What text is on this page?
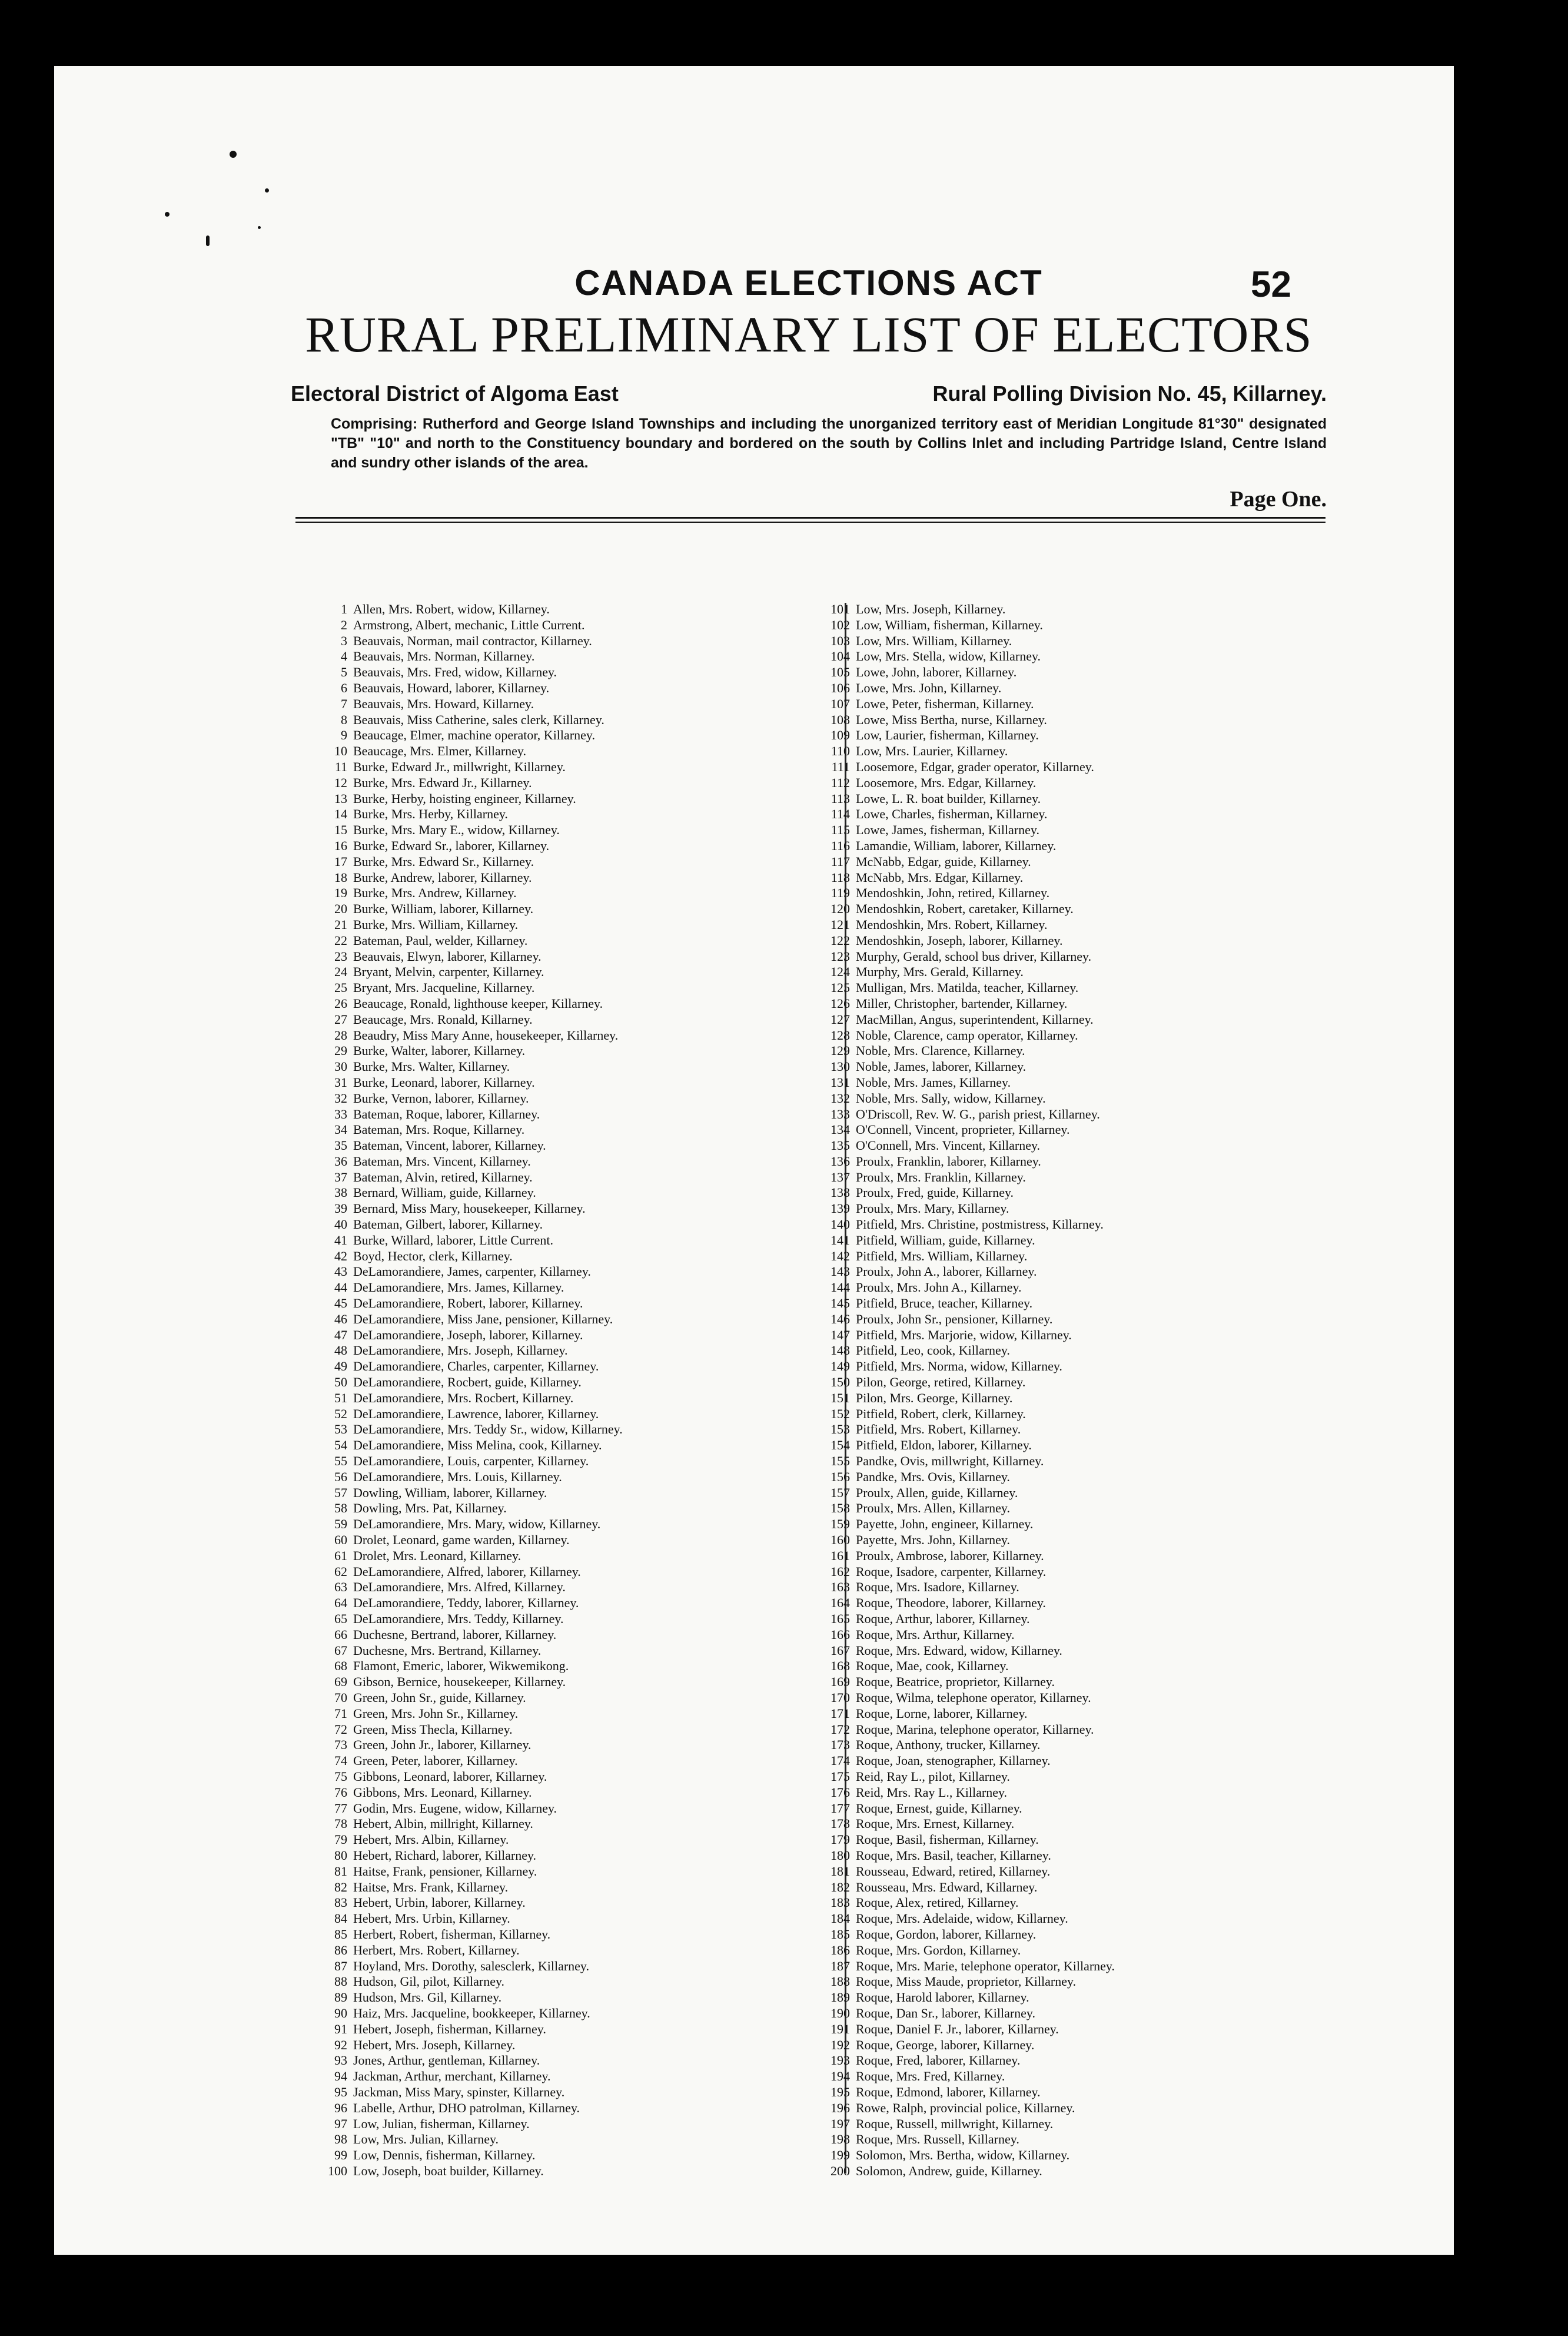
CANADA ELECTIONS ACT	52
RURAL PRELIMINARY LIST OF ELECTORS
Electoral District of Algoma East	Rural Polling Division No. 45, Killarney.
Comprising: Rutherford and George Island Townships and including the unorganized territory east of Meridian Longitude 81°30" designated "TB" "10" and north to the Constituency boundary and bordered on the south by Collins Inlet and including Partridge Island, Centre Island and sundry other islands of the area.
Page One.
1 Allen, Mrs. Robert, widow, Killarney.
2 Armstrong, Albert, mechanic, Little Current.
3 Beauvais, Norman, mail contractor, Killarney.
4 Beauvais, Mrs. Norman, Killarney.
5 Beauvais, Mrs. Fred, widow, Killarney.
6 Beauvais, Howard, laborer, Killarney.
7 Beauvais, Mrs. Howard, Killarney.
8 Beauvais, Miss Catherine, sales clerk, Killarney.
9 Beaucage, Elmer, machine operator, Killarney.
10 Beaucage, Mrs. Elmer, Killarney.
11 Burke, Edward Jr., millwright, Killarney.
12 Burke, Mrs. Edward Jr., Killarney.
13 Burke, Herby, hoisting engineer, Killarney.
14 Burke, Mrs. Herby, Killarney.
15 Burke, Mrs. Mary E., widow, Killarney.
16 Burke, Edward Sr., laborer, Killarney.
17 Burke, Mrs. Edward Sr., Killarney.
18 Burke, Andrew, laborer, Killarney.
19 Burke, Mrs. Andrew, Killarney.
20 Burke, William, laborer, Killarney.
21 Burke, Mrs. William, Killarney.
22 Bateman, Paul, welder, Killarney.
23 Beauvais, Elwyn, laborer, Killarney.
24 Bryant, Melvin, carpenter, Killarney.
25 Bryant, Mrs. Jacqueline, Killarney.
26 Beaucage, Ronald, lighthouse keeper, Killarney.
27 Beaucage, Mrs. Ronald, Killarney.
28 Beaudry, Miss Mary Anne, housekeeper, Killarney.
29 Burke, Walter, laborer, Killarney.
30 Burke, Mrs. Walter, Killarney.
31 Burke, Leonard, laborer, Killarney.
32 Burke, Vernon, laborer, Killarney.
33 Bateman, Roque, laborer, Killarney.
34 Bateman, Mrs. Roque, Killarney.
35 Bateman, Vincent, laborer, Killarney.
36 Bateman, Mrs. Vincent, Killarney.
37 Bateman, Alvin, retired, Killarney.
38 Bernard, William, guide, Killarney.
39 Bernard, Miss Mary, housekeeper, Killarney.
40 Bateman, Gilbert, laborer, Killarney.
41 Burke, Willard, laborer, Little Current.
42 Boyd, Hector, clerk, Killarney.
43 DeLamorandiere, James, carpenter, Killarney.
44 DeLamorandiere, Mrs. James, Killarney.
45 DeLamorandiere, Robert, laborer, Killarney.
46 DeLamorandiere, Miss Jane, pensioner, Killarney.
47 DeLamorandiere, Joseph, laborer, Killarney.
48 DeLamorandiere, Mrs. Joseph, Killarney.
49 DeLamorandiere, Charles, carpenter, Killarney.
50 DeLamorandiere, Rocbert, guide, Killarney.
51 DeLamorandiere, Mrs. Rocbert, Killarney.
52 DeLamorandiere, Lawrence, laborer, Killarney.
53 DeLamorandiere, Mrs. Teddy Sr., widow, Killarney.
54 DeLamorandiere, Miss Melina, cook, Killarney.
55 DeLamorandiere, Louis, carpenter, Killarney.
56 DeLamorandiere, Mrs. Louis, Killarney.
57 Dowling, William, laborer, Killarney.
58 Dowling, Mrs. Pat, Killarney.
59 DeLamorandiere, Mrs. Mary, widow, Killarney.
60 Drolet, Leonard, game warden, Killarney.
61 Drolet, Mrs. Leonard, Killarney.
62 DeLamorandiere, Alfred, laborer, Killarney.
63 DeLamorandiere, Mrs. Alfred, Killarney.
64 DeLamorandiere, Teddy, laborer, Killarney.
65 DeLamorandiere, Mrs. Teddy, Killarney.
66 Duchesne, Bertrand, laborer, Killarney.
67 Duchesne, Mrs. Bertrand, Killarney.
68 Flamont, Emeric, laborer, Wikwemikong.
69 Gibson, Bernice, housekeeper, Killarney.
70 Green, John Sr., guide, Killarney.
71 Green, Mrs. John Sr., Killarney.
72 Green, Miss Thecla, Killarney.
73 Green, John Jr., laborer, Killarney.
74 Green, Peter, laborer, Killarney.
75 Gibbons, Leonard, laborer, Killarney.
76 Gibbons, Mrs. Leonard, Killarney.
77 Godin, Mrs. Eugene, widow, Killarney.
78 Hebert, Albin, millright, Killarney.
79 Hebert, Mrs. Albin, Killarney.
80 Hebert, Richard, laborer, Killarney.
81 Haitse, Frank, pensioner, Killarney.
82 Haitse, Mrs. Frank, Killarney.
83 Hebert, Urbin, laborer, Killarney.
84 Hebert, Mrs. Urbin, Killarney.
85 Herbert, Robert, fisherman, Killarney.
86 Herbert, Mrs. Robert, Killarney.
87 Hoyland, Mrs. Dorothy, salesclerk, Killarney.
88 Hudson, Gil, pilot, Killarney.
89 Hudson, Mrs. Gil, Killarney.
90 Haiz, Mrs. Jacqueline, bookkeeper, Killarney.
91 Hebert, Joseph, fisherman, Killarney.
92 Hebert, Mrs. Joseph, Killarney.
93 Jones, Arthur, gentleman, Killarney.
94 Jackman, Arthur, merchant, Killarney.
95 Jackman, Miss Mary, spinster, Killarney.
96 Labelle, Arthur, DHO patrolman, Killarney.
97 Low, Julian, fisherman, Killarney.
98 Low, Mrs. Julian, Killarney.
99 Low, Dennis, fisherman, Killarney.
100 Low, Joseph, boat builder, Killarney.
101 Low, Mrs. Joseph, Killarney.
102 Low, William, fisherman, Killarney.
103 Low, Mrs. William, Killarney.
104 Low, Mrs. Stella, widow, Killarney.
105 Lowe, John, laborer, Killarney.
106 Lowe, Mrs. John, Killarney.
107 Lowe, Peter, fisherman, Killarney.
108 Lowe, Miss Bertha, nurse, Killarney.
109 Low, Laurier, fisherman, Killarney.
110 Low, Mrs. Laurier, Killarney.
111 Loosemore, Edgar, grader operator, Killarney.
112 Loosemore, Mrs. Edgar, Killarney.
113 Lowe, L. R. boat builder, Killarney.
114 Lowe, Charles, fisherman, Killarney.
115 Lowe, James, fisherman, Killarney.
116 Lamandie, William, laborer, Killarney.
117 McNabb, Edgar, guide, Killarney.
118 McNabb, Mrs. Edgar, Killarney.
119 Mendoshkin, John, retired, Killarney.
120 Mendoshkin, Robert, caretaker, Killarney.
121 Mendoshkin, Mrs. Robert, Killarney.
122 Mendoshkin, Joseph, laborer, Killarney.
123 Murphy, Gerald, school bus driver, Killarney.
124 Murphy, Mrs. Gerald, Killarney.
125 Mulligan, Mrs. Matilda, teacher, Killarney.
126 Miller, Christopher, bartender, Killarney.
127 MacMillan, Angus, superintendent, Killarney.
128 Noble, Clarence, camp operator, Killarney.
129 Noble, Mrs. Clarence, Killarney.
130 Noble, James, laborer, Killarney.
131 Noble, Mrs. James, Killarney.
132 Noble, Mrs. Sally, widow, Killarney.
133 O'Driscoll, Rev. W. G., parish priest, Killarney.
134 O'Connell, Vincent, proprieter, Killarney.
135 O'Connell, Mrs. Vincent, Killarney.
136 Proulx, Franklin, laborer, Killarney.
137 Proulx, Mrs. Franklin, Killarney.
138 Proulx, Fred, guide, Killarney.
139 Proulx, Mrs. Mary, Killarney.
140 Pitfield, Mrs. Christine, postmistress, Killarney.
141 Pitfield, William, guide, Killarney.
142 Pitfield, Mrs. William, Killarney.
143 Proulx, John A., laborer, Killarney.
144 Proulx, Mrs. John A., Killarney.
145 Pitfield, Bruce, teacher, Killarney.
146 Proulx, John Sr., pensioner, Killarney.
147 Pitfield, Mrs. Marjorie, widow, Killarney.
148 Pitfield, Leo, cook, Killarney.
149 Pitfield, Mrs. Norma, widow, Killarney.
150 Pilon, George, retired, Killarney.
151 Pilon, Mrs. George, Killarney.
152 Pitfield, Robert, clerk, Killarney.
153 Pitfield, Mrs. Robert, Killarney.
154 Pitfield, Eldon, laborer, Killarney.
155 Pandke, Ovis, millwright, Killarney.
156 Pandke, Mrs. Ovis, Killarney.
157 Proulx, Allen, guide, Killarney.
158 Proulx, Mrs. Allen, Killarney.
159 Payette, John, engineer, Killarney.
160 Payette, Mrs. John, Killarney.
161 Proulx, Ambrose, laborer, Killarney.
162 Roque, Isadore, carpenter, Killarney.
163 Roque, Mrs. Isadore, Killarney.
164 Roque, Theodore, laborer, Killarney.
165 Roque, Arthur, laborer, Killarney.
166 Roque, Mrs. Arthur, Killarney.
167 Roque, Mrs. Edward, widow, Killarney.
168 Roque, Mae, cook, Killarney.
169 Roque, Beatrice, proprietor, Killarney.
170 Roque, Wilma, telephone operator, Killarney.
171 Roque, Lorne, laborer, Killarney.
172 Roque, Marina, telephone operator, Killarney.
173 Roque, Anthony, trucker, Killarney.
174 Roque, Joan, stenographer, Killarney.
175 Reid, Ray L., pilot, Killarney.
176 Reid, Mrs. Ray L., Killarney.
177 Roque, Ernest, guide, Killarney.
178 Roque, Mrs. Ernest, Killarney.
179 Roque, Basil, fisherman, Killarney.
180 Roque, Mrs. Basil, teacher, Killarney.
181 Rousseau, Edward, retired, Killarney.
182 Rousseau, Mrs. Edward, Killarney.
183 Roque, Alex, retired, Killarney.
184 Roque, Mrs. Adelaide, widow, Killarney.
185 Roque, Gordon, laborer, Killarney.
186 Roque, Mrs. Gordon, Killarney.
187 Roque, Mrs. Marie, telephone operator, Killarney.
188 Roque, Miss Maude, proprietor, Killarney.
189 Roque, Harold laborer, Killarney.
190 Roque, Dan Sr., laborer, Killarney.
191 Roque, Daniel F. Jr., laborer, Killarney.
192 Roque, George, laborer, Killarney.
193 Roque, Fred, laborer, Killarney.
194 Roque, Mrs. Fred, Killarney.
195 Roque, Edmond, laborer, Killarney.
196 Rowe, Ralph, provincial police, Killarney.
197 Roque, Russell, millwright, Killarney.
198 Roque, Mrs. Russell, Killarney.
199 Solomon, Mrs. Bertha, widow, Killarney.
200 Solomon, Andrew, guide, Killarney.
